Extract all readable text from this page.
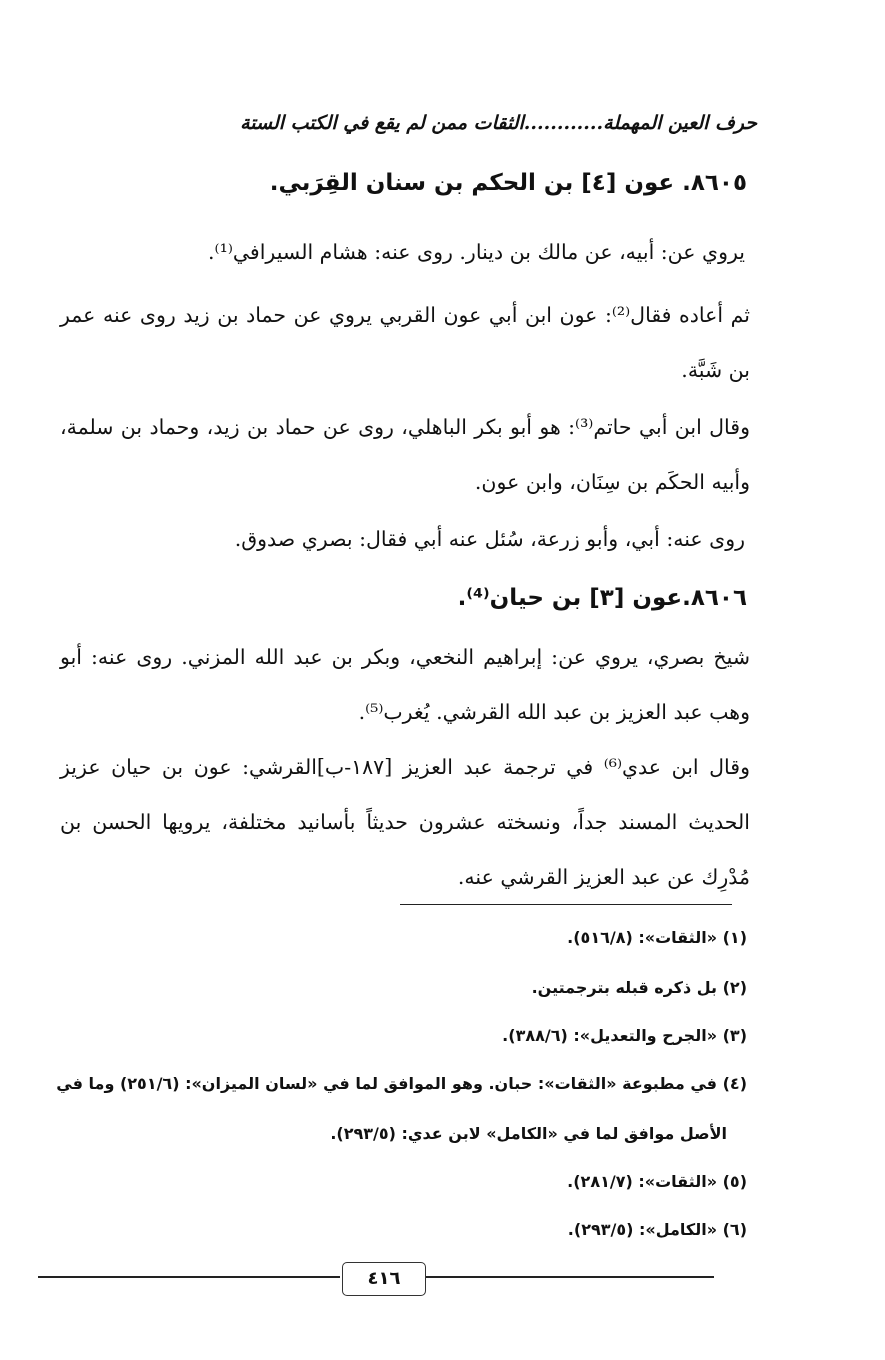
حرف العين المهملة............الثقات ممن لم يقع في الكتب الستة
٨٦٠٥. عون [٤] بن الحكم بن سنان القِرَبي.
يروي عن: أبيه، عن مالك بن دينار. روى عنه: هشام السيرافي⁽¹⁾.
ثم أعاده فقال⁽²⁾: عون ابن أبي عون القربي يروي عن حماد بن زيد روى عنه عمر بن شَبَّة.
وقال ابن أبي حاتم⁽³⁾: هو أبو بكر الباهلي، روى عن حماد بن زيد، وحماد بن سلمة، وأبيه الحكَم بن سِنَان، وابن عون.
روى عنه: أبي، وأبو زرعة، سُئل عنه أبي فقال: بصري صدوق.
٨٦٠٦.عون [٣] بن حيان⁽⁴⁾.
شيخ بصري، يروي عن: إبراهيم النخعي، وبكر بن عبد الله المزني. روى عنه: أبو وهب عبد العزيز بن عبد الله القرشي. يُغرب⁽⁵⁾.
وقال ابن عدي⁽⁶⁾ في ترجمة عبد العزيز [١٨٧-ب]القرشي: عون بن حيان عزيز الحديث المسند جداً، ونسخته عشرون حديثاً بأسانيد مختلفة، يرويها الحسن بن مُدْرِك عن عبد العزيز القرشي عنه.
(١) «الثقات»: (٥١٦/٨).
(٢) بل ذكره قبله بترجمتين.
(٣) «الجرح والتعديل»: (٣٨٨/٦).
(٤) في مطبوعة «الثقات»: حبان. وهو الموافق لما في «لسان الميزان»: (٢٥١/٦) وما في
الأصل موافق لما في «الكامل» لابن عدي: (٢٩٣/٥).
(٥) «الثقات»: (٢٨١/٧).
(٦) «الكامل»: (٢٩٣/٥).
٤١٦
